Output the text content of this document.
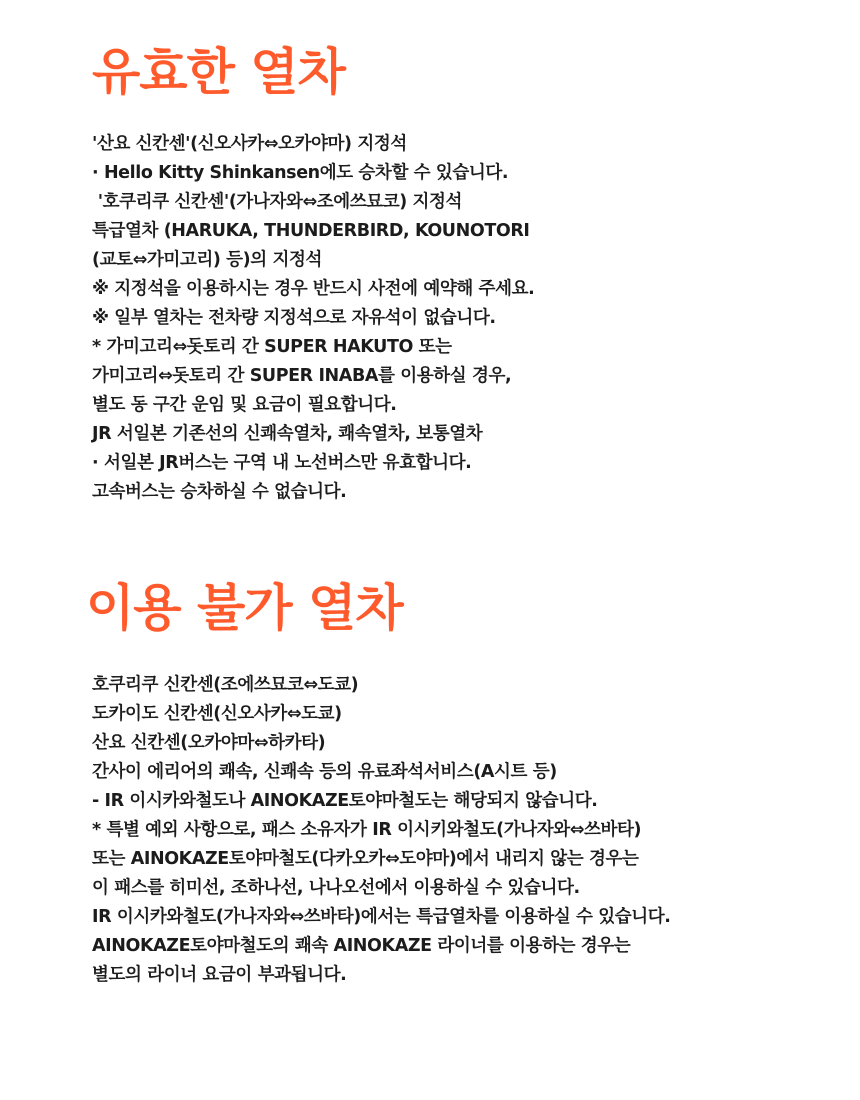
유효한 열차
'산요 신칸센'(신오사카⇔오카야마) 지정석
· Hello Kitty Shinkansen에도 승차할 수 있습니다.
'호쿠리쿠 신칸센'(가나자와⇔조에쓰묘코) 지정석
특급열차 (HARUKA, THUNDERBIRD, KOUNOTORI
(교토⇔가미고리) 등)의 지정석
※ 지정석을 이용하시는 경우 반드시 사전에 예약해 주세요.
※ 일부 열차는 전차량 지정석으로 자유석이 없습니다.
* 가미고리⇔돗토리 간 SUPER HAKUTO 또는
가미고리⇔돗토리 간 SUPER INABA를 이용하실 경우,
별도 동 구간 운임 및 요금이 필요합니다.
JR 서일본 기존선의 신쾌속열차, 쾌속열차, 보통열차
· 서일본 JR버스는 구역 내 노선버스만 유효합니다.
고속버스는 승차하실 수 없습니다.
이용 불가 열차
호쿠리쿠 신칸센(조에쓰묘코⇔도쿄)
도카이도 신칸센(신오사카⇔도쿄)
산요 신칸센(오카야마⇔하카타)
간사이 에리어의 쾌속, 신쾌속 등의 유료좌석서비스(A시트 등)
- IR 이시카와철도나 AINOKAZE토야마철도는 해당되지 않습니다.
* 특별 예외 사항으로, 패스 소유자가 IR 이시키와철도(가나자와⇔쓰바타)
또는 AINOKAZE토야마철도(다카오카⇔도야마)에서 내리지 않는 경우는
이 패스를 히미선, 조하나선, 나나오선에서 이용하실 수 있습니다.
IR 이시카와철도(가나자와⇔쓰바타)에서는 특급열차를 이용하실 수 있습니다.
AINOKAZE토야마철도의 쾌속 AINOKAZE 라이너를 이용하는 경우는
별도의 라이너 요금이 부과됩니다.
